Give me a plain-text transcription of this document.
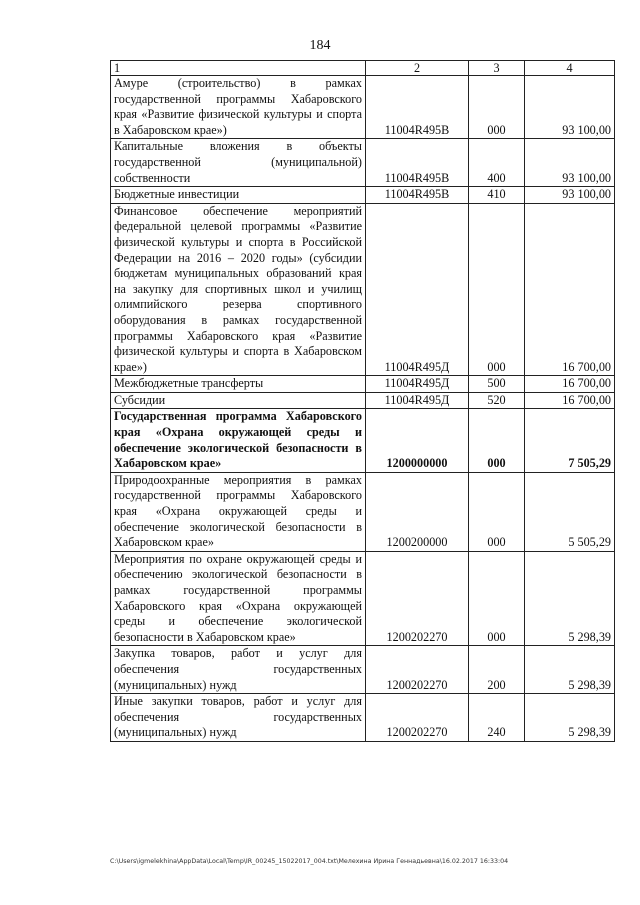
184
1	2	3	4
Амуре (строительство) в рамках государственной программы Хабаровского края «Развитие физической культуры и спорта в Хабаровском крае»)	11004R495В	000	93 100,00
Капитальные вложения в объекты государственной (муниципальной) собственности	11004R495В	400	93 100,00
Бюджетные инвестиции	11004R495В	410	93 100,00
Финансовое обеспечение мероприятий федеральной целевой программы «Развитие физической культуры и спорта в Российской Федерации на 2016 – 2020 годы» (субсидии бюджетам муниципальных образований края на закупку для спортивных школ и училищ олимпийского резерва спортивного оборудования в рамках государственной программы Хабаровского края «Развитие физической культуры и спорта в Хабаровском крае»)	11004R495Д	000	16 700,00
Межбюджетные трансферты	11004R495Д	500	16 700,00
Субсидии	11004R495Д	520	16 700,00
Государственная программа Хабаровского края «Охрана окружающей среды и обеспечение экологической безопасности в Хабаровском крае»	1200000000	000	7 505,29
Природоохранные мероприятия в рамках государственной программы Хабаровского края «Охрана окружающей среды и обеспечение экологической безопасности в Хабаровском крае»	1200200000	000	5 505,29
Мероприятия по охране окружающей среды и обеспечению экологической безопасности в рамках государственной программы Хабаровского края «Охрана окружающей среды и обеспечение экологической безопасности в Хабаровском крае»	1200202270	000	5 298,39
Закупка товаров, работ и услуг для обеспечения государственных (муниципальных) нужд	1200202270	200	5 298,39
Иные закупки товаров, работ и услуг для обеспечения государственных (муниципальных) нужд	1200202270	240	5 298,39
C:\Users\igmelekhina\AppData\Local\Temp\IR_00245_15022017_004.txt\Мелехина Ирина Геннадьевна\16.02.2017 16:33:04
